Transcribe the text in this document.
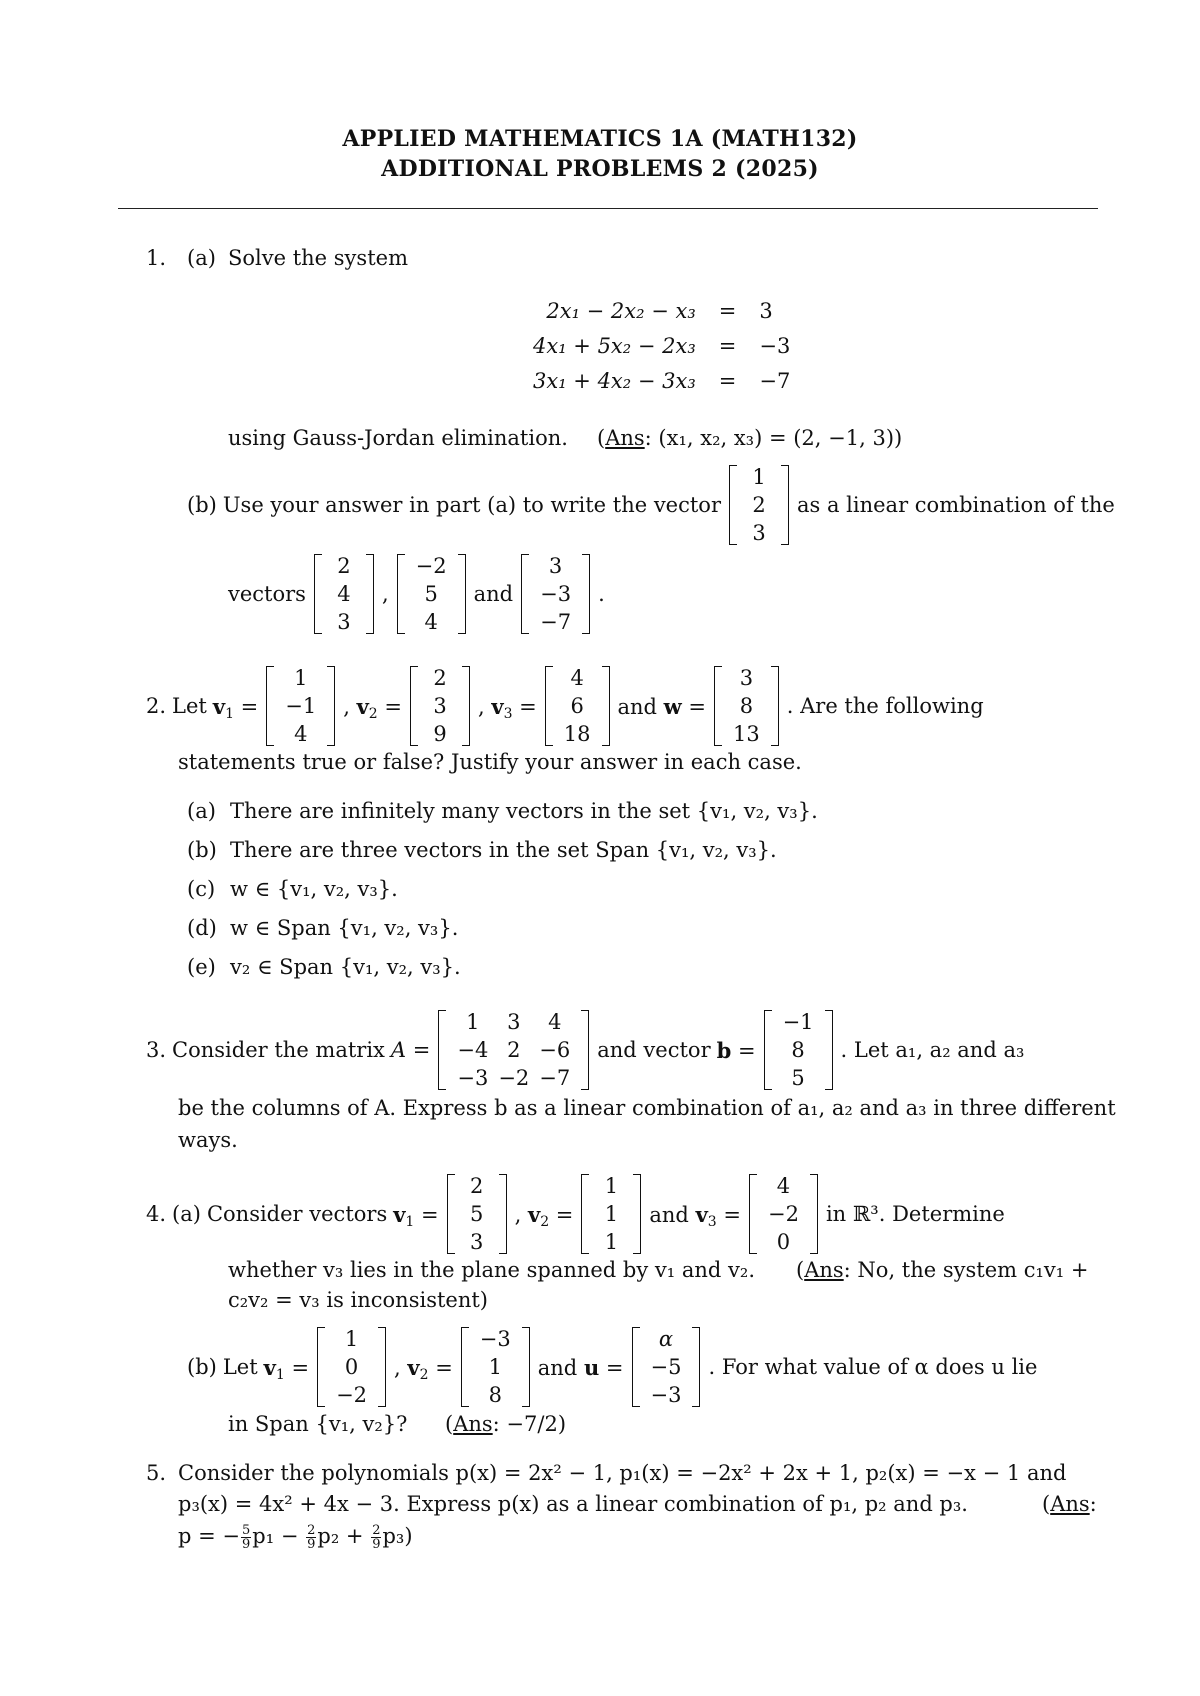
APPLIED MATHEMATICS 1A (MATH132)
ADDITIONAL PROBLEMS 2 (2025)
1. (a) Solve the system
2x₁ − 2x₂ − x₃	=	3
4x₁ + 5x₂ − 2x₃	=	−3
3x₁ + 4x₂ − 3x₃	=	−7
using Gauss-Jordan elimination. (Ans: (x₁, x₂, x₃) = (2, −1, 3))
(b) Use your answer in part (a) to write the vector
1
2
3
as a linear combination of the
vectors
2
4
3
,
−2
5
4
and
3
−3
−7
.
2. Let $v_1$ =
1
−1
4
, $v_2$ =
2
3
9
, $v_3$ =
4
6
18
and w =
3
8
13
. Are the following
statements true or false? Justify your answer in each case.
(a) There are infinitely many vectors in the set {v₁, v₂, v₃}.
(b) There are three vectors in the set Span {v₁, v₂, v₃}.
(c) w ∈ {v₁, v₂, v₃}.
(d) w ∈ Span {v₁, v₂, v₃}.
(e) v₂ ∈ Span {v₁, v₂, v₃}.
3. Consider the matrix A =
1	3	4
−4	2	−6
−3	−2	−7
and vector b =
−1
8
5
. Let a₁, a₂ and a₃
be the columns of A. Express b as a linear combination of a₁, a₂ and a₃ in three different
ways.
4. (a) Consider vectors $v_1$ =
2
5
3
, $v_2$ =
1
1
1
and $v_3$ =
4
−2
0
in ℝ³. Determine
whether v₃ lies in the plane spanned by v₁ and v₂. (Ans: No, the system c₁v₁ +
c₂v₂ = v₃ is inconsistent)
(b) Let $v_1$ =
1
0
−2
, $v_2$ =
−3
1
8
and u =
α
−5
−3
. For what value of α does u lie
in Span {v₁, v₂}? (Ans: −7/2)
5. Consider the polynomials p(x) = 2x² − 1, p₁(x) = −2x² + 2x + 1, p₂(x) = −x − 1 and
p₃(x) = 4x² + 4x − 3. Express p(x) as a linear combination of p₁, p₂ and p₃.	(Ans:
p = − $\frac{5}{9} p_1 - \frac{2}{9} p_2 + \frac{2}{9} p_3$)
